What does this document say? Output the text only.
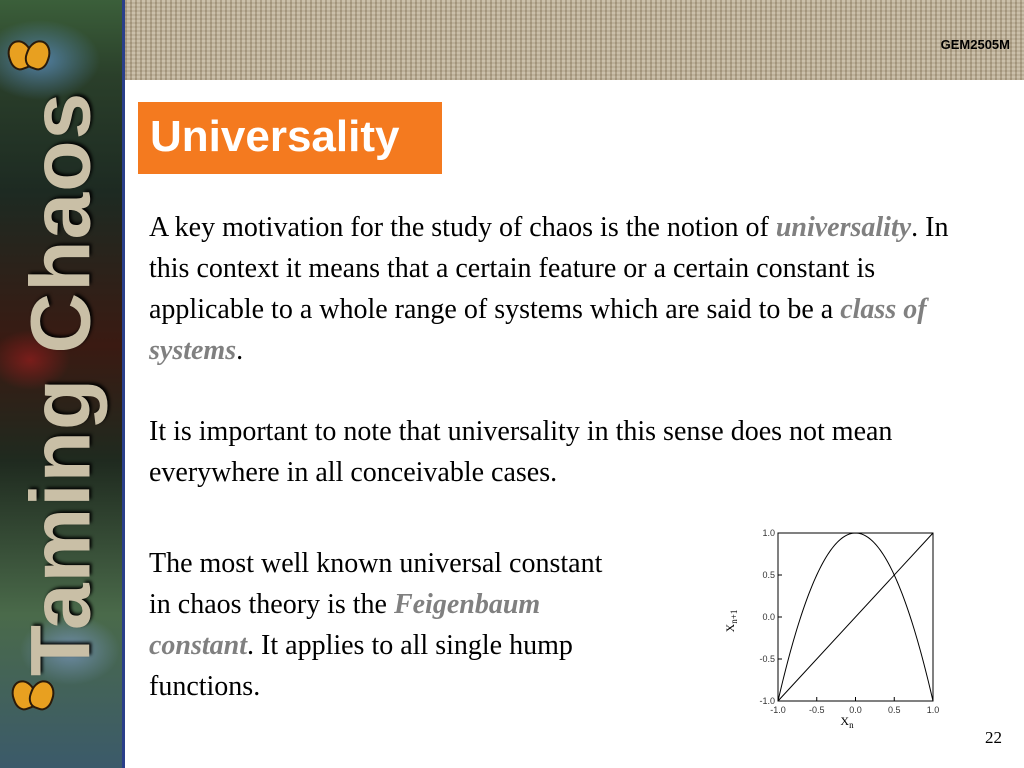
Taming Chaos
GEM2505M
Universality

A key motivation for the study of chaos is the notion of universality. In this context it means that a certain feature or a certain constant is applicable to a whole range of systems which are said to be a class of systems.

It is important to note that universality in this sense does not mean everywhere in all conceivable cases.

The most well known universal constant in chaos theory is the Feigenbaum constant. It applies to all single hump functions.

1.0
0.5
0.0
-0.5
-1.0
-1.0	-0.5	0.0	0.5	1.0
$X_{n+1}$
$X_n$
22
